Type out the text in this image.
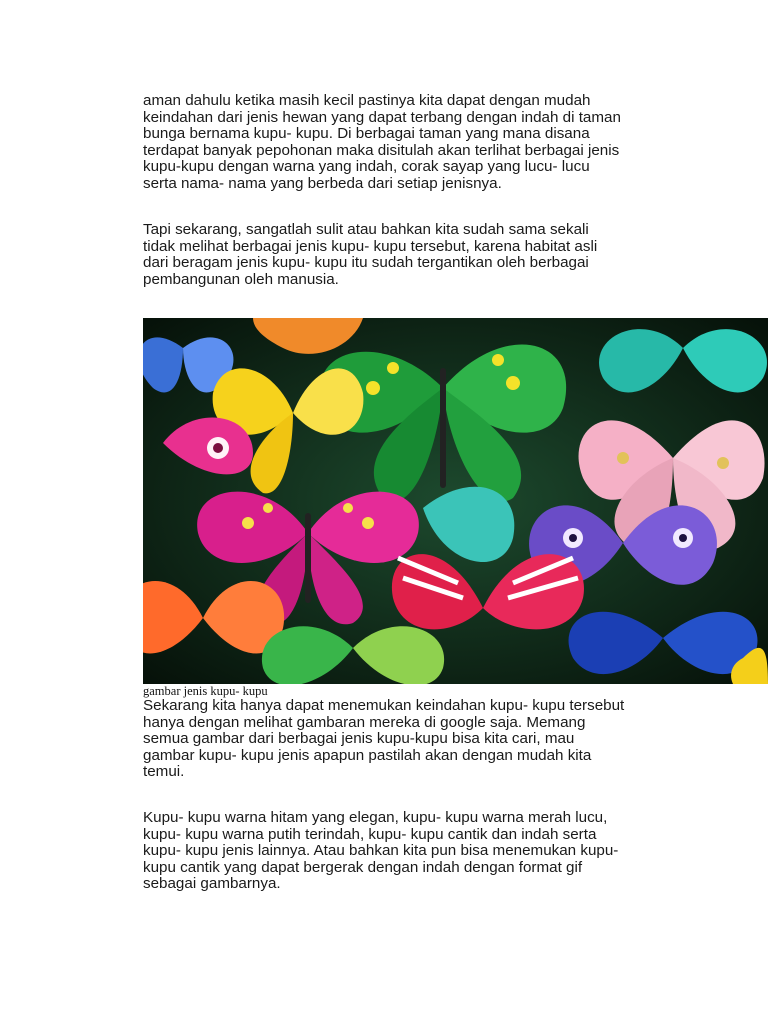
aman dahulu ketika masih kecil pastinya kita dapat dengan mudah
keindahan dari jenis hewan yang dapat terbang dengan indah di taman
bunga bernama kupu- kupu. Di berbagai taman yang mana disana
terdapat banyak pepohonan maka disitulah akan terlihat berbagai jenis
kupu-kupu dengan warna yang indah, corak sayap yang lucu- lucu
serta nama- nama yang berbeda dari setiap jenisnya.

Tapi sekarang, sangatlah sulit atau bahkan kita sudah sama sekali
tidak melihat berbagai jenis kupu- kupu tersebut, karena habitat asli
dari beragam jenis kupu- kupu itu sudah tergantikan oleh berbagai
pembangunan oleh manusia.

gambar jenis kupu- kupu

Sekarang kita hanya dapat menemukan keindahan kupu- kupu tersebut
hanya dengan melihat gambaran mereka di google saja. Memang
semua gambar dari berbagai jenis kupu-kupu bisa kita cari, mau
gambar kupu- kupu jenis apapun pastilah akan dengan mudah kita
temui.

Kupu- kupu warna hitam yang elegan, kupu- kupu warna merah lucu,
kupu- kupu warna putih terindah, kupu- kupu cantik dan indah serta
kupu- kupu jenis lainnya. Atau bahkan kita pun bisa menemukan kupu-
kupu cantik yang dapat bergerak dengan indah dengan format gif
sebagai gambarnya.
